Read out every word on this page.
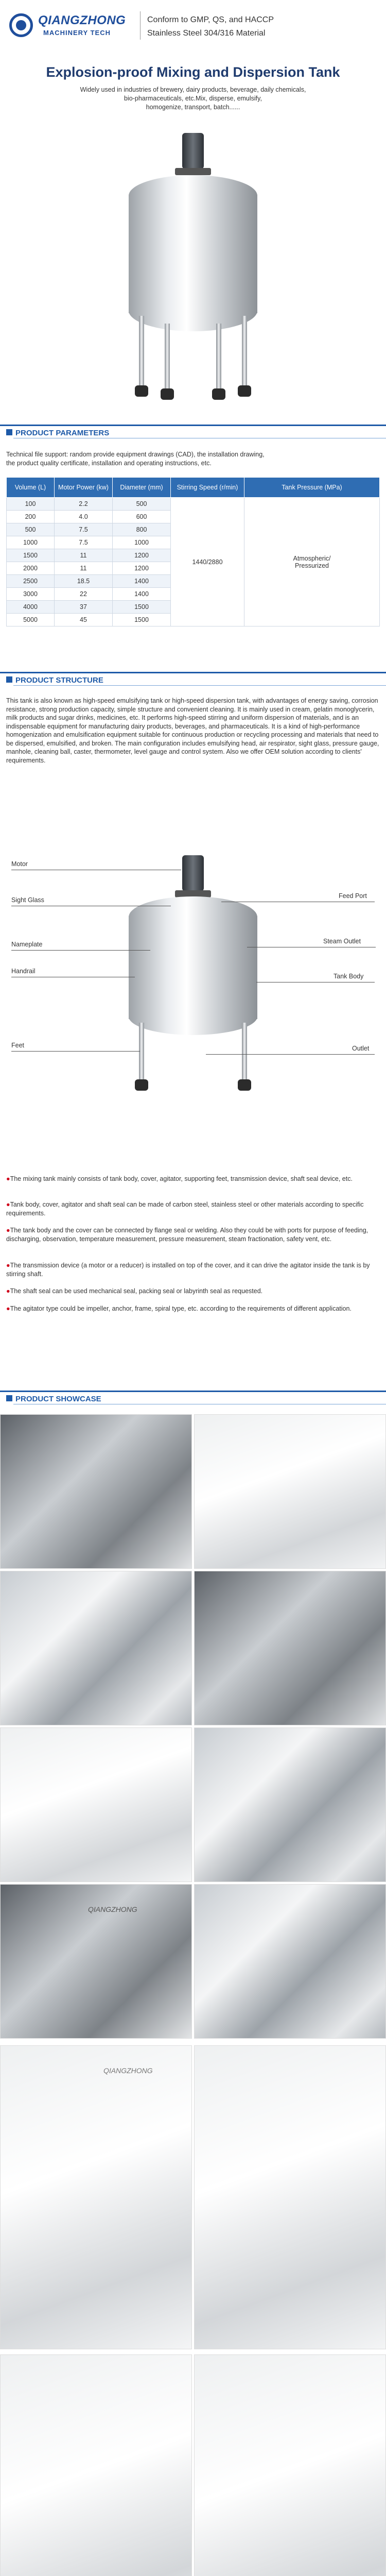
QIANGZHONG
MACHINERY TECH
Conform to GMP, QS, and HACCP
Stainless Steel 304/316 Material
Explosion-proof Mixing and Dispersion Tank
Widely used in industries of brewery, dairy products, beverage, daily chemicals,
bio-pharmaceuticals, etc.Mix, disperse, emulsify,
homogenize, transport, batch......
PRODUCT PARAMETERS
Technical file support: random provide equipment drawings (CAD), the installation drawing,
the product quality certificate, installation and operating instructions, etc.
Volume (L)	Motor Power (kw)	Diameter (mm)	Stirring Speed (r/min)	Tank Pressure (MPa)
100	2.2	500	1440/2880	Atmospheric/
Pressurized

200	4.0	600		
500	7.5	800		
1000	7.5	1000		
1500	11	1200		
2000	11	1200		
2500	18.5	1400		
3000	22	1400		
4000	37	1500		
5000	45	1500		
PRODUCT STRUCTURE
This tank is also known as high-speed emulsifying tank or high-speed dispersion tank, with advantages of energy saving, corrosion resistance, strong production capacity, simple structure and convenient cleaning. It is mainly used in cream, gelatin monoglycerin, milk products and sugar drinks, medicines, etc. It performs high-speed stirring and uniform dispersion of materials, and is an indispensable equipment for manufacturing dairy products, beverages, and pharmaceuticals. It is a kind of high-performance homogenization and emulsification equipment suitable for continuous production or recycling processing and materials that need to be dispersed, emulsified, and broken. The main configuration includes emulsifying head, air respirator, sight glass, pressure gauge, manhole, cleaning ball, caster, thermometer, level gauge and control system. Also we offer OEM solution according to clients' requirements.
Motor
Sight Glass
Feed Port
Nameplate	Steam Outlet
Handrail
Tank Body
Feet	Outlet
●The mixing tank mainly consists of tank body, cover, agitator, supporting feet, transmission device, shaft seal device, etc.
●Tank body, cover, agitator and shaft seal can be made of carbon steel, stainless steel or other materials according to specific requirements.
●The tank body and the cover can be connected by flange seal or welding. Also they could be with ports for purpose of feeding, discharging, observation, temperature measurement, pressure measurement, steam fractionation, safety vent, etc.
●The transmission device (a motor or a reducer) is installed on top of the cover, and it can drive the agitator inside the tank is by stirring shaft.
●The shaft seal can be used mechanical seal, packing seal or labyrinth seal as requested.
●The agitator type could be impeller, anchor, frame, spiral type, etc. according to the requirements of different application.
PRODUCT SHOWCASE
QIANGZHONG
QIANGZHONG
